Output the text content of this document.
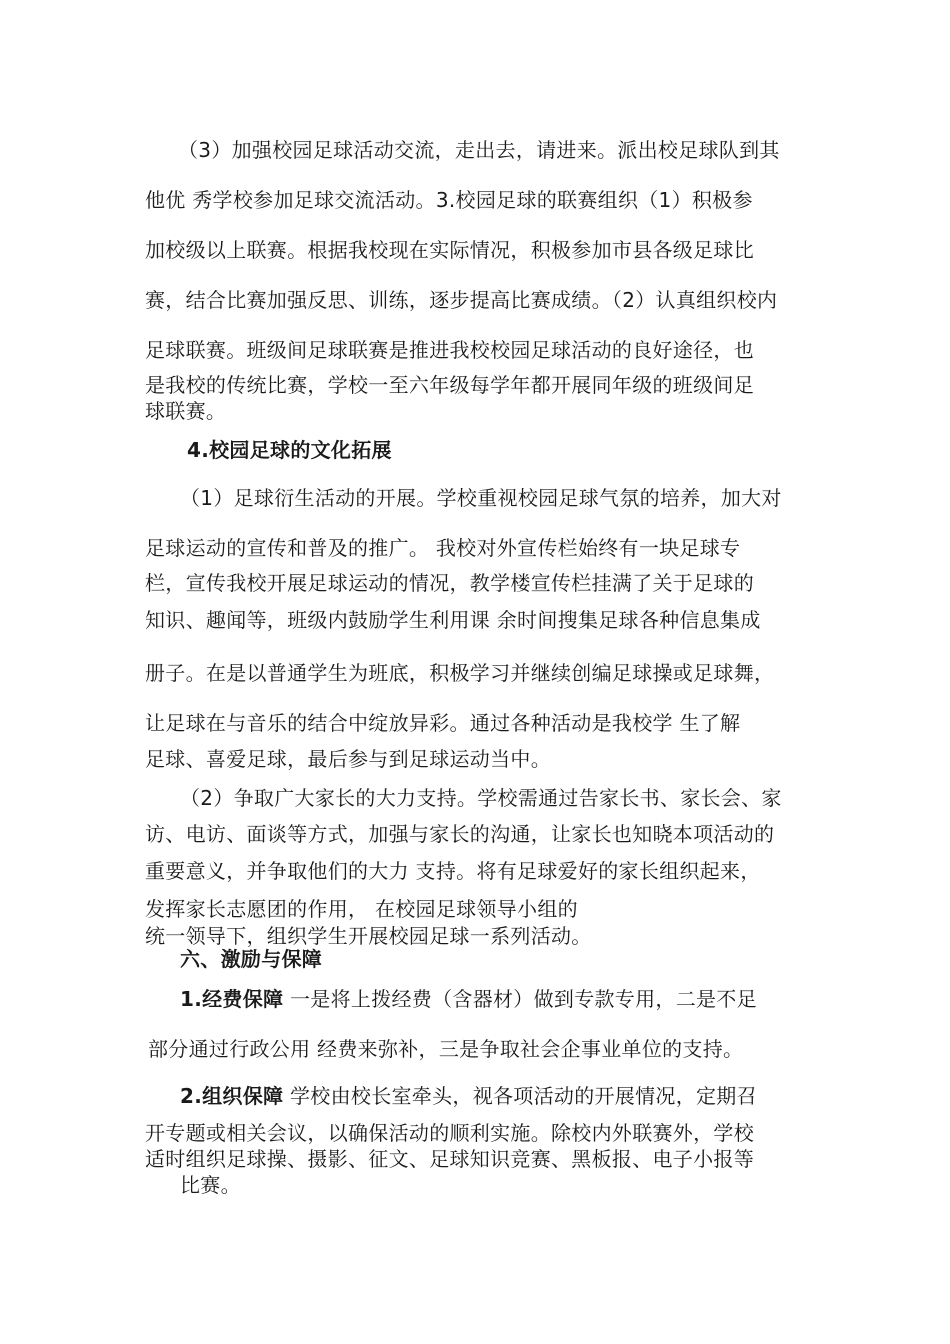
（3）加强校园足球活动交流，走出去，请进来。派出校足球队到其
他优 秀学校参加足球交流活动。3.校园足球的联赛组织（1）积极参
加校级以上联赛。根据我校现在实际情况，积极参加市县各级足球比
赛，结合比赛加强反思、训练，逐步提高比赛成绩。（2）认真组织校内
足球联赛。班级间足球联赛是推进我校校园足球活动的良好途径，也
是我校的传统比赛，学校一至六年级每学年都开展同年级的班级间足
球联赛。
4.校园足球的文化拓展
（1）足球衍生活动的开展。学校重视校园足球气氛的培养，加大对
足球运动的宣传和普及的推广。 我校对外宣传栏始终有一块足球专
栏，宣传我校开展足球运动的情况，教学楼宣传栏挂满了关于足球的
知识、趣闻等，班级内鼓励学生利用课 余时间搜集足球各种信息集成
册子。在是以普通学生为班底，积极学习并继续创编足球操或足球舞，
让足球在与音乐的结合中绽放异彩。通过各种活动是我校学 生了解
足球、喜爱足球，最后参与到足球运动当中。
（2）争取广大家长的大力支持。学校需通过告家长书、家长会、家
访、电访、面谈等方式，加强与家长的沟通，让家长也知晓本项活动的
重要意义，并争取他们的大力 支持。将有足球爱好的家长组织起来，
发挥家长志愿团的作用， 在校园足球领导小组的
统一领导下，组织学生开展校园足球一系列活动。
六、激励与保障
1.经费保障 一是将上拨经费（含器材）做到专款专用，二是不足
部分通过行政公用 经费来弥补，三是争取社会企事业单位的支持。
2.组织保障 学校由校长室牵头，视各项活动的开展情况，定期召
开专题或相关会议，以确保活动的顺利实施。除校内外联赛外，学校
适时组织足球操、摄影、征文、足球知识竞赛、黑板报、电子小报等
比赛。
